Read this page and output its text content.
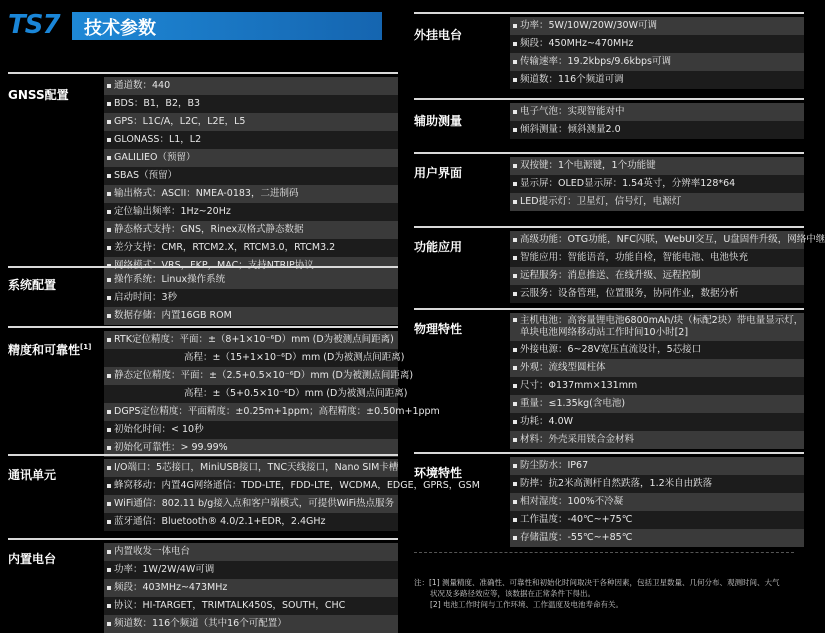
TS7 技术参数
GNSS配置
通道数：440
BDS：B1，B2，B3
GPS：L1C/A，L2C，L2E，L5
GLONASS：L1，L2
GALILIEO（预留）
SBAS（预留）
输出格式：ASCII：NMEA-0183，二进制码
定位输出频率：1Hz~20Hz
静态格式支持：GNS，Rinex双格式静态数据
差分支持：CMR，RTCM2.X，RTCM3.0，RTCM3.2
网络模式：VRS，FKP，MAC；支持NTRIP协议
系统配置	操作系统：Linux操作系统
启动时间：3秒
数据存储：内置16GB ROM
精度和可靠性[1]
RTK定位精度：平面：±（8+1×10⁻⁶D）mm (D为被测点间距离)
高程：±（15+1×10⁻⁶D）mm (D为被测点间距离)
静态定位精度：平面：±（2.5+0.5×10⁻⁶D）mm (D为被测点间距离)
高程：±（5+0.5×10⁻⁶D）mm (D为被测点间距离)
DGPS定位精度：平面精度：±0.25m+1ppm；高程精度：±0.50m+1ppm
初始化时间：< 10秒
初始化可靠性：> 99.99%
通讯单元
I/O端口：5芯接口，MiniUSB接口，TNC天线接口，Nano SIM卡槽
蜂窝移动：内置4G网络通信：TDD-LTE，FDD-LTE，WCDMA，EDGE，GPRS，GSM
WiFi通信：802.11 b/g接入点和客户端模式，可提供WiFi热点服务
蓝牙通信：Bluetooth® 4.0/2.1+EDR，2.4GHz
内置电台
内置收发一体电台
功率：1W/2W/4W可调
频段：403MHz~473MHz
协议：HI-TARGET，TRIMTALK450S，SOUTH，CHC
频道数：116个频道（其中16个可配置）
外挂电台
功率：5W/10W/20W/30W可调
频段：450MHz~470MHz
传输速率：19.2kbps/9.6kbps可调
频道数：116个频道可调
辅助测量
电子气泡：实现智能对中
倾斜测量：倾斜测量2.0
用户界面
双按键：1个电源键，1个功能键
显示屏：OLED显示屏：1.54英寸，分辨率128*64
LED提示灯：卫星灯，信号灯，电源灯
功能应用
高级功能：OTG功能，NFC闪联，WebUI交互，U盘固件升级，网络中继
智能应用：智能语音，功能自检，智能电池、电池快充
远程服务：消息推送、在线升级、远程控制
云服务：设备管理，位置服务，协同作业，数据分析
物理特性
主机电池：高容量锂电池6800mAh/块（标配2块）带电量显示灯，单块电池网络移动站工作时间10小时[2]
外接电源：6~28V宽压直流设计，5芯接口
外观：流线型圆柱体
尺寸：Φ137mm×131mm
重量：≤1.35kg(含电池)
功耗：4.0W
材料：外壳采用镁合金材料
环境特性
防尘防水：IP67
防摔：抗2米高测杆自然跌落，1.2米自由跌落
相对湿度：100%不冷凝
工作温度：-40℃~+75℃
存储温度：-55℃~+85℃
注：[1] 测量精度、准确性、可靠性和初始化时间取决于各种因素，包括卫星数量、几何分布、观测时间、大气
状况及多路径效应等，该数据在正常条件下得出。
[2] 电池工作时间与工作环境、工作温度及电池寿命有关。
